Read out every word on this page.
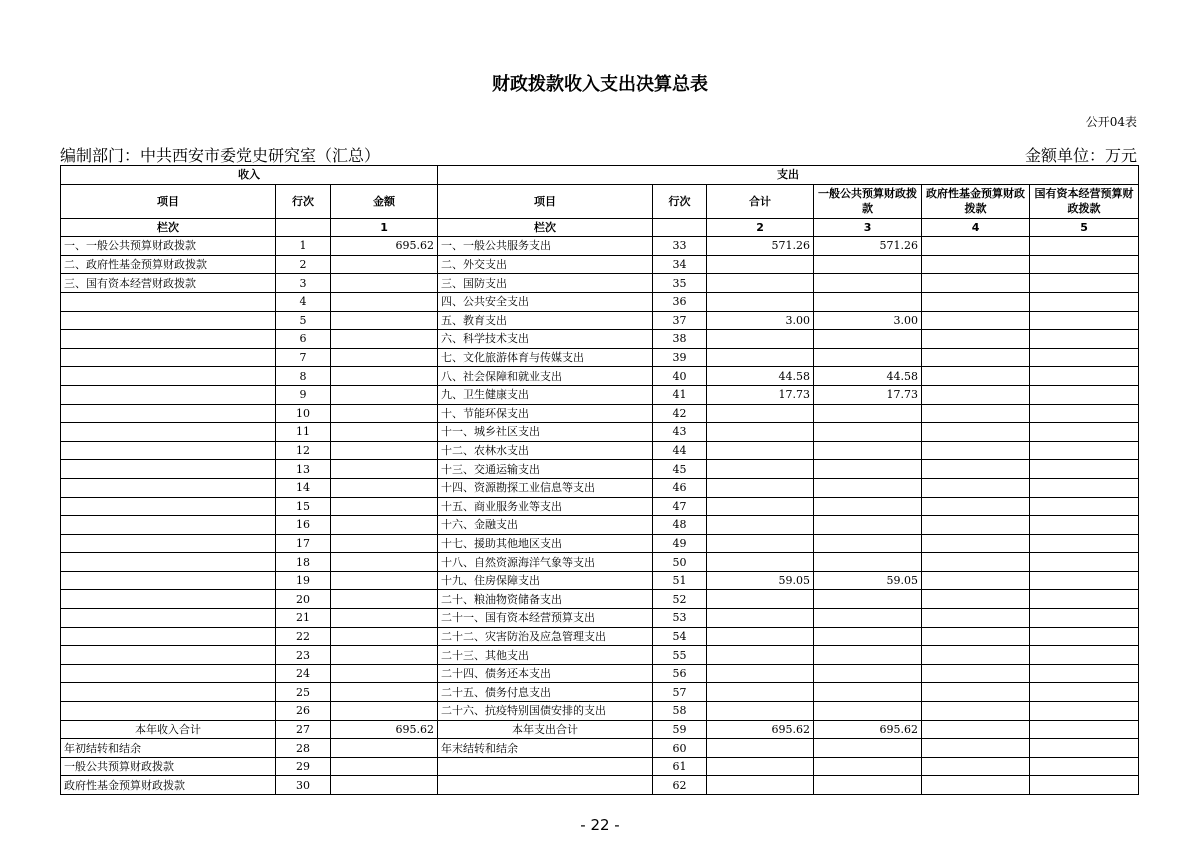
财政拨款收入支出决算总表
公开04表
编制部门：中共西安市委党史研究室（汇总）	金额单位：万元
收入			支出					
项目	行次	金额	项目	行次	合计	一般公共预算财政拨款	政府性基金预算财政拨款	国有资本经营预算财政拨款
栏次		1	栏次		2	3	4	5
一、一般公共预算财政拨款	1	695.62	一、一般公共服务支出	33	571.26	571.26		
二、政府性基金预算财政拨款	2		二、外交支出	34				
三、国有资本经营财政拨款	3		三、国防支出	35				
	4		四、公共安全支出	36				
	5		五、教育支出	37	3.00	3.00		
	6		六、科学技术支出	38				
	7		七、文化旅游体育与传媒支出	39				
	8		八、社会保障和就业支出	40	44.58	44.58		
	9		九、卫生健康支出	41	17.73	17.73		
	10		十、节能环保支出	42				
	11		十一、城乡社区支出	43				
	12		十二、农林水支出	44				
	13		十三、交通运输支出	45				
	14		十四、资源勘探工业信息等支出	46				
	15		十五、商业服务业等支出	47				
	16		十六、金融支出	48				
	17		十七、援助其他地区支出	49				
	18		十八、自然资源海洋气象等支出	50				
	19		十九、住房保障支出	51	59.05	59.05		
	20		二十、粮油物资储备支出	52				
	21		二十一、国有资本经营预算支出	53				
	22		二十二、灾害防治及应急管理支出	54				
	23		二十三、其他支出	55				
	24		二十四、债务还本支出	56				
	25		二十五、债务付息支出	57				
	26		二十六、抗疫特别国债安排的支出	58				
本年收入合计	27	695.62	本年支出合计	59	695.62	695.62		
年初结转和结余	28		年末结转和结余	60				
一般公共预算财政拨款	29			61				
政府性基金预算财政拨款	30			62				
- 22 -
